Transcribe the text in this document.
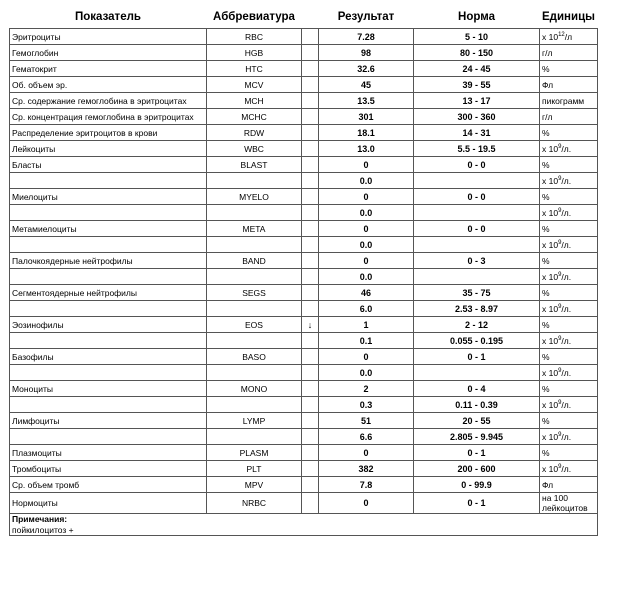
Показатель	Аббревиатура		Результат	Норма	Единицы
Эритроциты	RBC		7.28	5 - 10	x $10^{12}/л$
Гемоглобин	HGB		98	80 - 150	г/л
Гематокрит	HTC		32.6	24 - 45	%
Об. объем эр.	MCV		45	39 - 55	Фл
Ср. содержание гемоглобина в эритроцитах	MCH		13.5	13 - 17	пикограмм
Ср. концентрация гемоглобина в эритроцитах	MCHC		301	300 - 360	г/л
Распределение эритроцитов в крови	RDW		18.1	14 - 31	%
Лейкоциты	WBC		13.0	5.5 - 19.5	x $10^9/л$.
Бласты	BLAST		0	0 - 0	%
			0.0		x $10^9/л$.
Миелоциты	MYELO		0	0 - 0	%
			0.0		x $10^9/л$.
Метамиелоциты	META		0	0 - 0	%
			0.0		x $10^9/л$.
Палочкоядерные нейтрофилы	BAND		0	0 - 3	%
			0.0		x $10^9/л$.
Сегментоядерные нейтрофилы	SEGS		46	35 - 75	%
			6.0	2.53 - 8.97	x $10^9/л$.
Эозинофилы	EOS	↓	1	2 - 12	%
			0.1	0.055 - 0.195	x $10^9/л$.
Базофилы	BASO		0	0 - 1	%
			0.0		x $10^9/л$.
Моноциты	MONO		2	0 - 4	%
			0.3	0.11 - 0.39	x $10^9/л$.
Лимфоциты	LYMP		51	20 - 55	%
			6.6	2.805 - 9.945	x $10^9/л$.
Плазмоциты	PLASM		0	0 - 1	%
Тромбоциты	PLT		382	200 - 600	x $10^9/л$.
Ср. объем тромб	MPV		7.8	0 - 99.9	Фл
Нормоциты	NRBC		0	0 - 1	на 100 лейкоцитов

Примечания:
пойкилоцитоз +					
